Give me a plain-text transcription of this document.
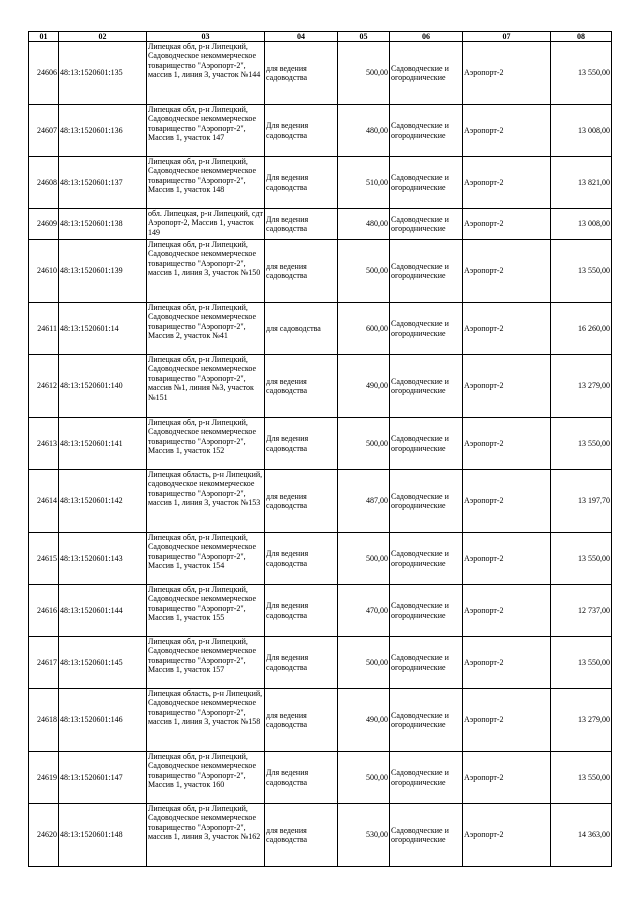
01	02	03	04	05	06	07	08
24606	48:13:1520601:135	Липецкая обл, р-н Липецкий, Садоводческое некоммерческое товарищество "Аэропорт-2", массив 1, линия 3, участок №144	для ведения садоводства	500,00	Садоводческие и огороднические	Аэропорт-2	13 550,00
24607	48:13:1520601:136	Липецкая обл, р-н Липецкий, Садоводческое некоммерческое товарищество "Аэропорт-2", Массив 1, участок 147	Для ведения садоводства	480,00	Садоводческие и огороднические	Аэропорт-2	13 008,00
24608	48:13:1520601:137	Липецкая обл, р-н Липецкий, Садоводческое некоммерческое товарищество "Аэропорт-2", Массив 1, участок 148	Для ведения садоводства	510,00	Садоводческие и огороднические	Аэропорт-2	13 821,00
24609	48:13:1520601:138	обл. Липецкая, р-н Липецкий, сдт Аэропорт-2, Массив 1, участок 149	Для ведения садоводства	480,00	Садоводческие и огороднические	Аэропорт-2	13 008,00
24610	48:13:1520601:139	Липецкая обл, р-н Липецкий, Садоводческое некоммерческое товарищество "Аэропорт-2", массив 1, линия 3, участок №150	для ведения садоводства	500,00	Садоводческие и огороднические	Аэропорт-2	13 550,00
24611	48:13:1520601:14	Липецкая обл, р-н Липецкий, Садоводческое некоммерческое товарищество "Аэропорт-2", Массив 2, участок №41	для садоводства	600,00	Садоводческие и огороднические	Аэропорт-2	16 260,00
24612	48:13:1520601:140	Липецкая обл, р-н Липецкий, Садоводческое некоммерческое товарищество "Аэропорт-2", массив №1, линия №3, участок №151	для ведения садоводства	490,00	Садоводческие и огороднические	Аэропорт-2	13 279,00
24613	48:13:1520601:141	Липецкая обл, р-н Липецкий, Садоводческое некоммерческое товарищество "Аэропорт-2", Массив 1, участок 152	Для ведения садоводства	500,00	Садоводческие и огороднические	Аэропорт-2	13 550,00
24614	48:13:1520601:142	Липецкая область, р-н Липецкий, садоводческое некоммерческое товарищество "Аэропорт-2", массив 1, линия 3, участок №153	для ведения садоводства	487,00	Садоводческие и огороднические	Аэропорт-2	13 197,70
24615	48:13:1520601:143	Липецкая обл, р-н Липецкий, Садоводческое некоммерческое товарищество "Аэропорт-2", Массив 1, участок 154	Для ведения садоводства	500,00	Садоводческие и огороднические	Аэропорт-2	13 550,00
24616	48:13:1520601:144	Липецкая обл, р-н Липецкий, Садоводческое некоммерческое товарищество "Аэропорт-2", Массив 1, участок 155	Для ведения садоводства	470,00	Садоводческие и огороднические	Аэропорт-2	12 737,00
24617	48:13:1520601:145	Липецкая обл, р-н Липецкий, Садоводческое некоммерческое товарищество "Аэропорт-2", Массив 1, участок 157	Для ведения садоводства	500,00	Садоводческие и огороднические	Аэропорт-2	13 550,00
24618	48:13:1520601:146	Липецкая область, р-н Липецкий, Садоводческое некоммерческое товарищество "Аэропорт-2", массив 1, линия 3, участок №158	для ведения садоводства	490,00	Садоводческие и огороднические	Аэропорт-2	13 279,00
24619	48:13:1520601:147	Липецкая обл, р-н Липецкий, Садоводческое некоммерческое товарищество "Аэропорт-2", Массив 1, участок 160	Для ведения садоводства	500,00	Садоводческие и огороднические	Аэропорт-2	13 550,00
24620	48:13:1520601:148	Липецкая обл, р-н Липецкий, Садоводческое некоммерческое товарищество "Аэропорт-2", массив 1, линия 3, участок №162	для ведения садоводства	530,00	Садоводческие и огороднические	Аэропорт-2	14 363,00
